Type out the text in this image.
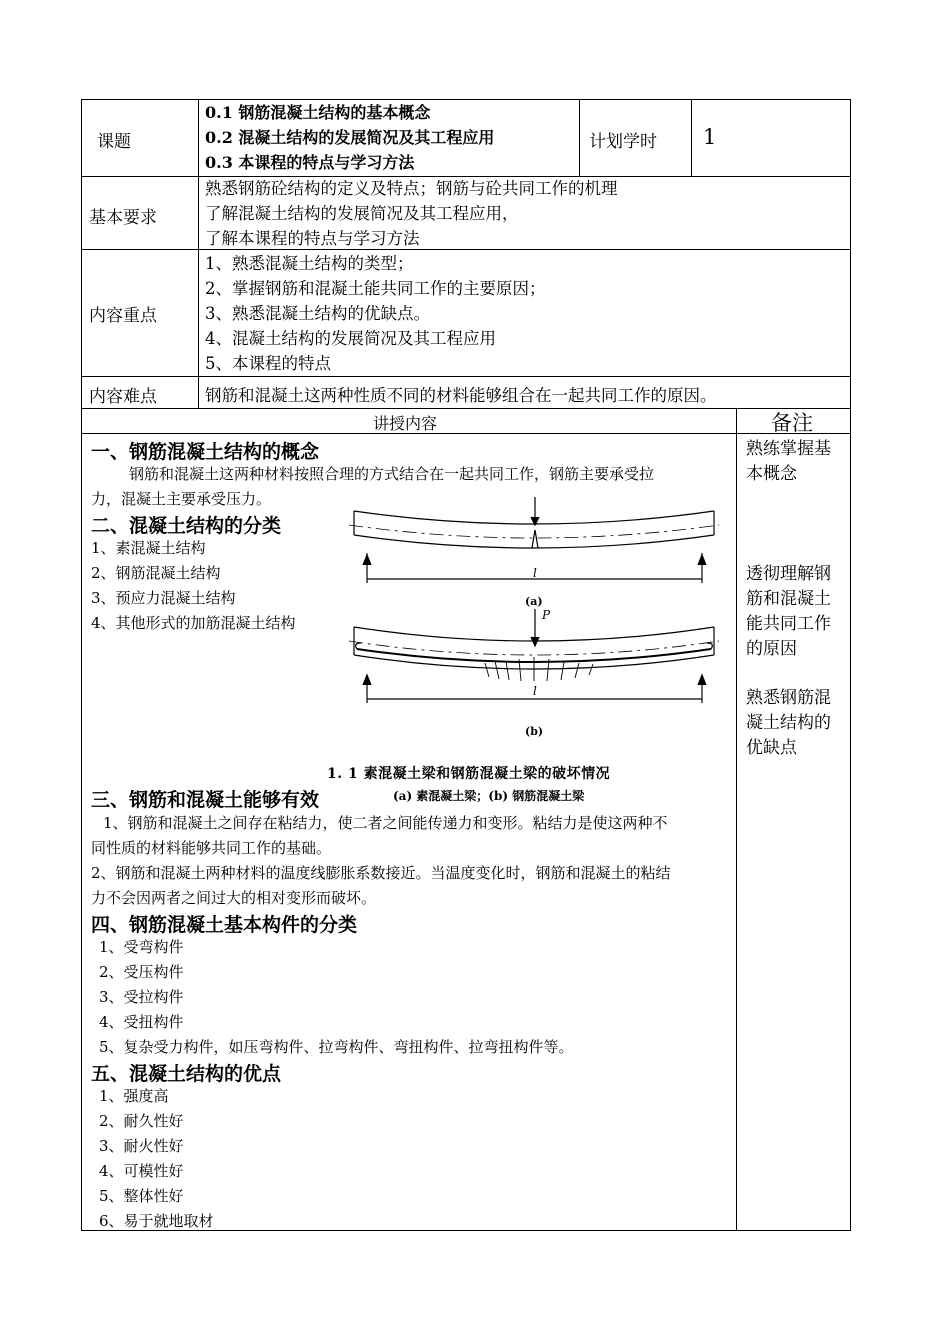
课题
0.1 钢筋混凝土结构的基本概念
0.2 混凝土结构的发展简况及其工程应用
0.3 本课程的特点与学习方法
计划学时 1
基本要求
熟悉钢筋砼结构的定义及特点；钢筋与砼共同工作的机理
了解混凝土结构的发展简况及其工程应用，
了解本课程的特点与学习方法
内容重点
1、熟悉混凝土结构的类型；
2、掌握钢筋和混凝土能共同工作的主要原因；
3、熟悉混凝土结构的优缺点。
4、混凝土结构的发展简况及其工程应用
5、本课程的特点
内容难点	钢筋和混凝土这两种性质不同的材料能够组合在一起共同工作的原因。
讲授内容	备注
一、钢筋混凝土结构的概念
钢筋和混凝土这两种材料按照合理的方式结合在一起共同工作，钢筋主要承受拉
力，混凝土主要承受压力。
二、混凝土结构的分类
1、素混凝土结构
2、钢筋混凝土结构
3、预应力混凝土结构
4、其他形式的加筋混凝土结构
l
(a)
P
l
(b)
1. 1 素混凝土梁和钢筋混凝土梁的破坏情况
(a) 素混凝土梁；(b) 钢筋混凝土梁
三、钢筋和混凝土能够有效
1、钢筋和混凝土之间存在粘结力，使二者之间能传递力和变形。粘结力是使这两种不
同性质的材料能够共同工作的基础。
2、钢筋和混凝土两种材料的温度线膨胀系数接近。当温度变化时，钢筋和混凝土的粘结
力不会因两者之间过大的相对变形而破坏。
四、钢筋混凝土基本构件的分类
1、受弯构件
2、受压构件
3、受拉构件
4、受扭构件
5、复杂受力构件，如压弯构件、拉弯构件、弯扭构件、拉弯扭构件等。
五、混凝土结构的优点
1、强度高
2、耐久性好
3、耐火性好
4、可模性好
5、整体性好
6、易于就地取材
熟练掌握基
本概念
透彻理解钢
筋和混凝土
能共同工作
的原因
熟悉钢筋混
凝土结构的
优缺点
